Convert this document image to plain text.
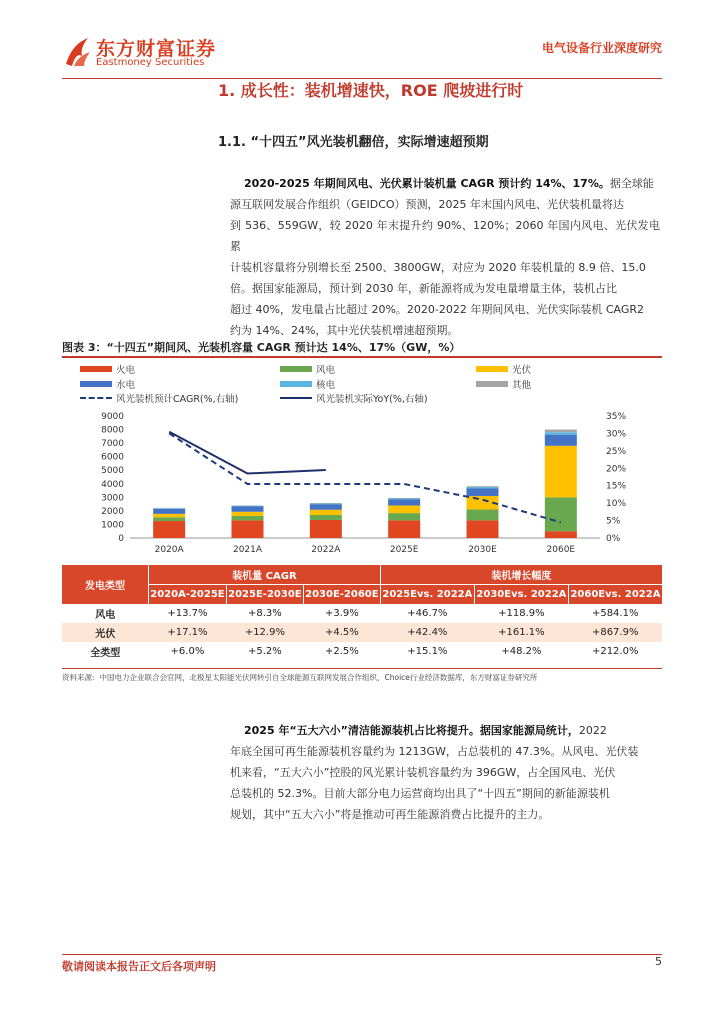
东方财富证券
Eastmoney Securities
电气设备行业深度研究
1. 成长性：装机增速快，ROE 爬坡进行时
1.1. “十四五”风光装机翻倍，实际增速超预期
2020-2025 年期间风电、光伏累计装机量 CAGR 预计约 14%、17%。据全球能
源互联网发展合作组织（GEIDCO）预测，2025 年末国内风电、光伏装机量将达
到 536、559GW，较 2020 年末提升约 90%、120%；2060 年国内风电、光伏发电累
计装机容量将分别增长至 2500、3800GW，对应为 2020 年装机量的 8.9 倍、15.0
倍。据国家能源局，预计到 2030 年，新能源将成为发电量增量主体，装机占比
超过 40%，发电量占比超过 20%。2020-2022 年期间风电、光伏实际装机 CAGR2
约为 14%、24%，其中光伏装机增速超预期。
图表 3：“十四五”期间风、光装机容量 CAGR 预计达 14%、17%（GW，%）
火电	风电	光伏
水电	核电	其他
风光装机预计CAGR(%,右轴)	风光装机实际YoY(%,右轴)
0
1000
2000
3000
4000
5000
6000
7000
8000
9000
0%
5%
10%
15%
20%
25%
30%
35%
2020A	2021A	2022A	2025E	2030E	2060E
发电类型	装机量 CAGR			装机增长幅度		
	2020A-2025E	2025E-2030E	2030E-2060E	2025Evs. 2022A	2030Evs. 2022A	2060Evs. 2022A
风电	+13.7%	+8.3%	+3.9%	+46.7%	+118.9%	+584.1%
光伏	+17.1%	+12.9%	+4.5%	+42.4%	+161.1%	+867.9%
全类型	+6.0%	+5.2%	+2.5%	+15.1%	+48.2%	+212.0%
资料来源：中国电力企业联合会官网，北极星太阳能光伏网转引自全球能源互联网发展合作组织，Choice行业经济数据库，东方财富证券研究所
2025 年“五大六小”清洁能源装机占比将提升。据国家能源局统计，2022
年底全国可再生能源装机容量约为 1213GW，占总装机的 47.3%。从风电、光伏装
机来看，“五大六小”控股的风光累计装机容量约为 396GW，占全国风电、光伏
总装机的 52.3%。目前大部分电力运营商均出具了“十四五”期间的新能源装机
规划，其中“五大六小”将是推动可再生能源消费占比提升的主力。
敬请阅读本报告正文后各项声明	5
